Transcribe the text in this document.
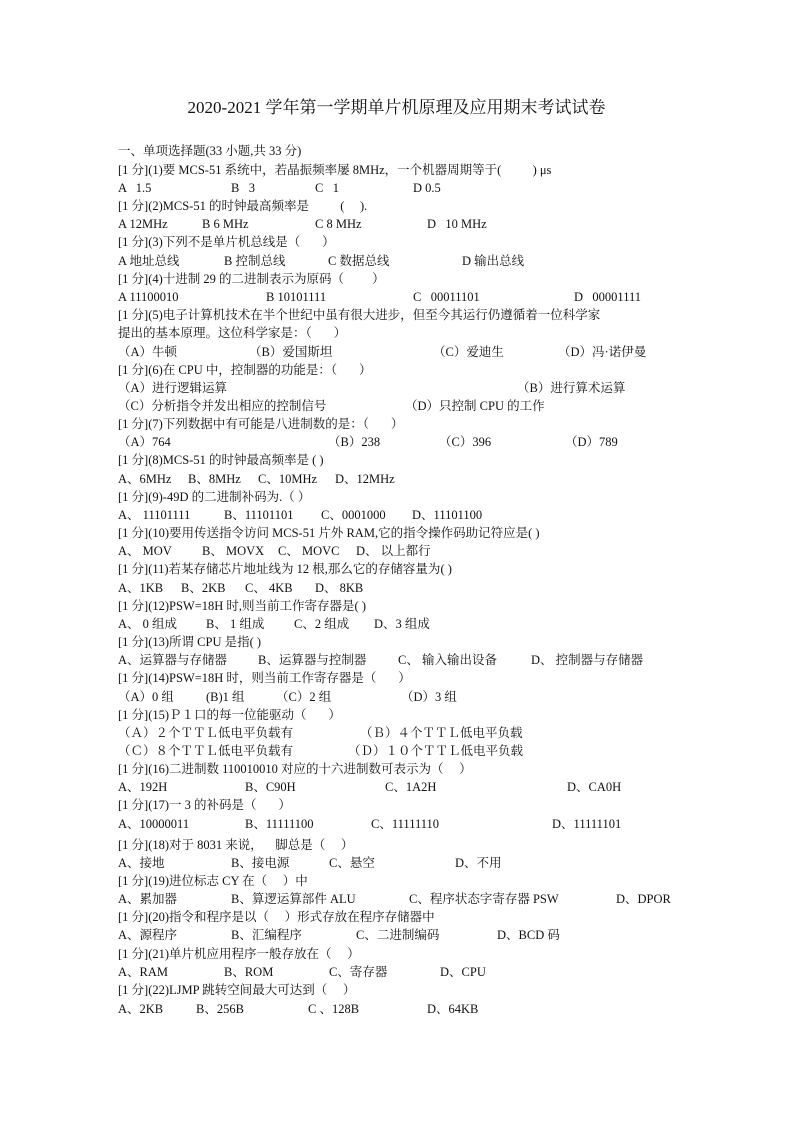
2020-2021 学年第一学期单片机原理及应用期末考试试卷
一、单项选择题(33 小题,共 33 分)
[1 分](1)要 MCS-51 系统中，若晶振频率屡 8MHz，一个机器周期等于(          ) μs
A   1.5	B   3	C   1	D 0.5
[1 分](2)MCS-51 的时钟最高频率是          (     ).
A 12MHz	B 6 MHz	C 8 MHz	D   10 MHz
[1 分](3)下列不是单片机总线是（       ）
A 地址总线	B 控制总线	C 数据总线	D 输出总线
[1 分](4)十进制 29 的二进制表示为原码（         ）
A 11100010	B 10101111	C   00011101	D   00001111
[1 分](5)电子计算机技术在半个世纪中虽有很大进步，但至今其运行仍遵循着一位科学家
提出的基本原理。这位科学家是：（       ）
（A）牛顿	（B）爱国斯坦	（C）爱迪生	（D）冯·诺伊曼
[1 分](6)在 CPU 中，控制器的功能是：（       ）
（A）进行逻辑运算	（B）进行算术运算
（C）分析指令并发出相应的控制信号	（D）只控制 CPU 的工作
[1 分](7)下列数据中有可能是八进制数的是：（       ）
（A）764	（B）238	（C）396	（D）789
[1 分](8)MCS-51 的时钟最高频率是 ( )
A、6MHz B、8MHz C、10MHz D、12MHz
[1 分](9)-49D 的二进制补码为.（ ）
A、 11101111	B、11101101 C、0001000 D、11101100
[1 分](10)要用传送指令访问 MCS-51 片外 RAM,它的指令操作码助记符应是( )
A、 MOV B、 MOVX C、 MOVC D、 以上都行
[1 分](11)若某存储芯片地址线为 12 根,那么它的存储容量为( )
A、1KB B、2KB C、 4KB D、 8KB
[1 分](12)PSW=18H 时,则当前工作寄存器是( )
A、 0 组成 B、 1 组成 C、2 组成 D、3 组成
[1 分](13)所谓 CPU 是指( )
A、运算器与存储器 B、运算器与控制器	C、 输入输出设备	D、 控制器与存储器
[1 分](14)PSW=18H 时，则当前工作寄存器是（       ）
（A）0 组	(B)1 组	（C）2 组	（D）3 组
[1 分](15)Ｐ１口的每一位能驱动（       ）
（Ａ）２个ＴＴＬ低电平负载有	（Ｂ）４个ＴＴＬ低电平负载
（Ｃ）８个ＴＴＬ低电平负载有	（Ｄ）１０个ＴＴＬ低电平负载
[1 分](16)二进制数 110010010 对应的十六进制数可表示为（     ）
A、192H	B、C90H	C、1A2H	D、CA0H
[1 分](17)一 3 的补码是（       ）
A、10000011	B、11111100	C、11111110	D、11111101
[1 分](18)对于 8031 来说，    脚总是（     ）
A、接地	B、接电源	C、悬空	D、不用
[1 分](19)进位标志 CY 在（     ）中
A、累加器	B、算逻运算部件 ALU	C、程序状态字寄存器 PSW	D、DPOR
[1 分](20)指令和程序是以（     ）形式存放在程序存储器中
A、源程序	B、汇编程序	C、二进制编码	D、BCD 码
[1 分](21)单片机应用程序一般存放在（     ）
A、RAM	B、ROM	C、寄存器	D、CPU
[1 分](22)LJMP 跳转空间最大可达到（     ）
A、2KB	B、256B	C 、128B	D、64KB
